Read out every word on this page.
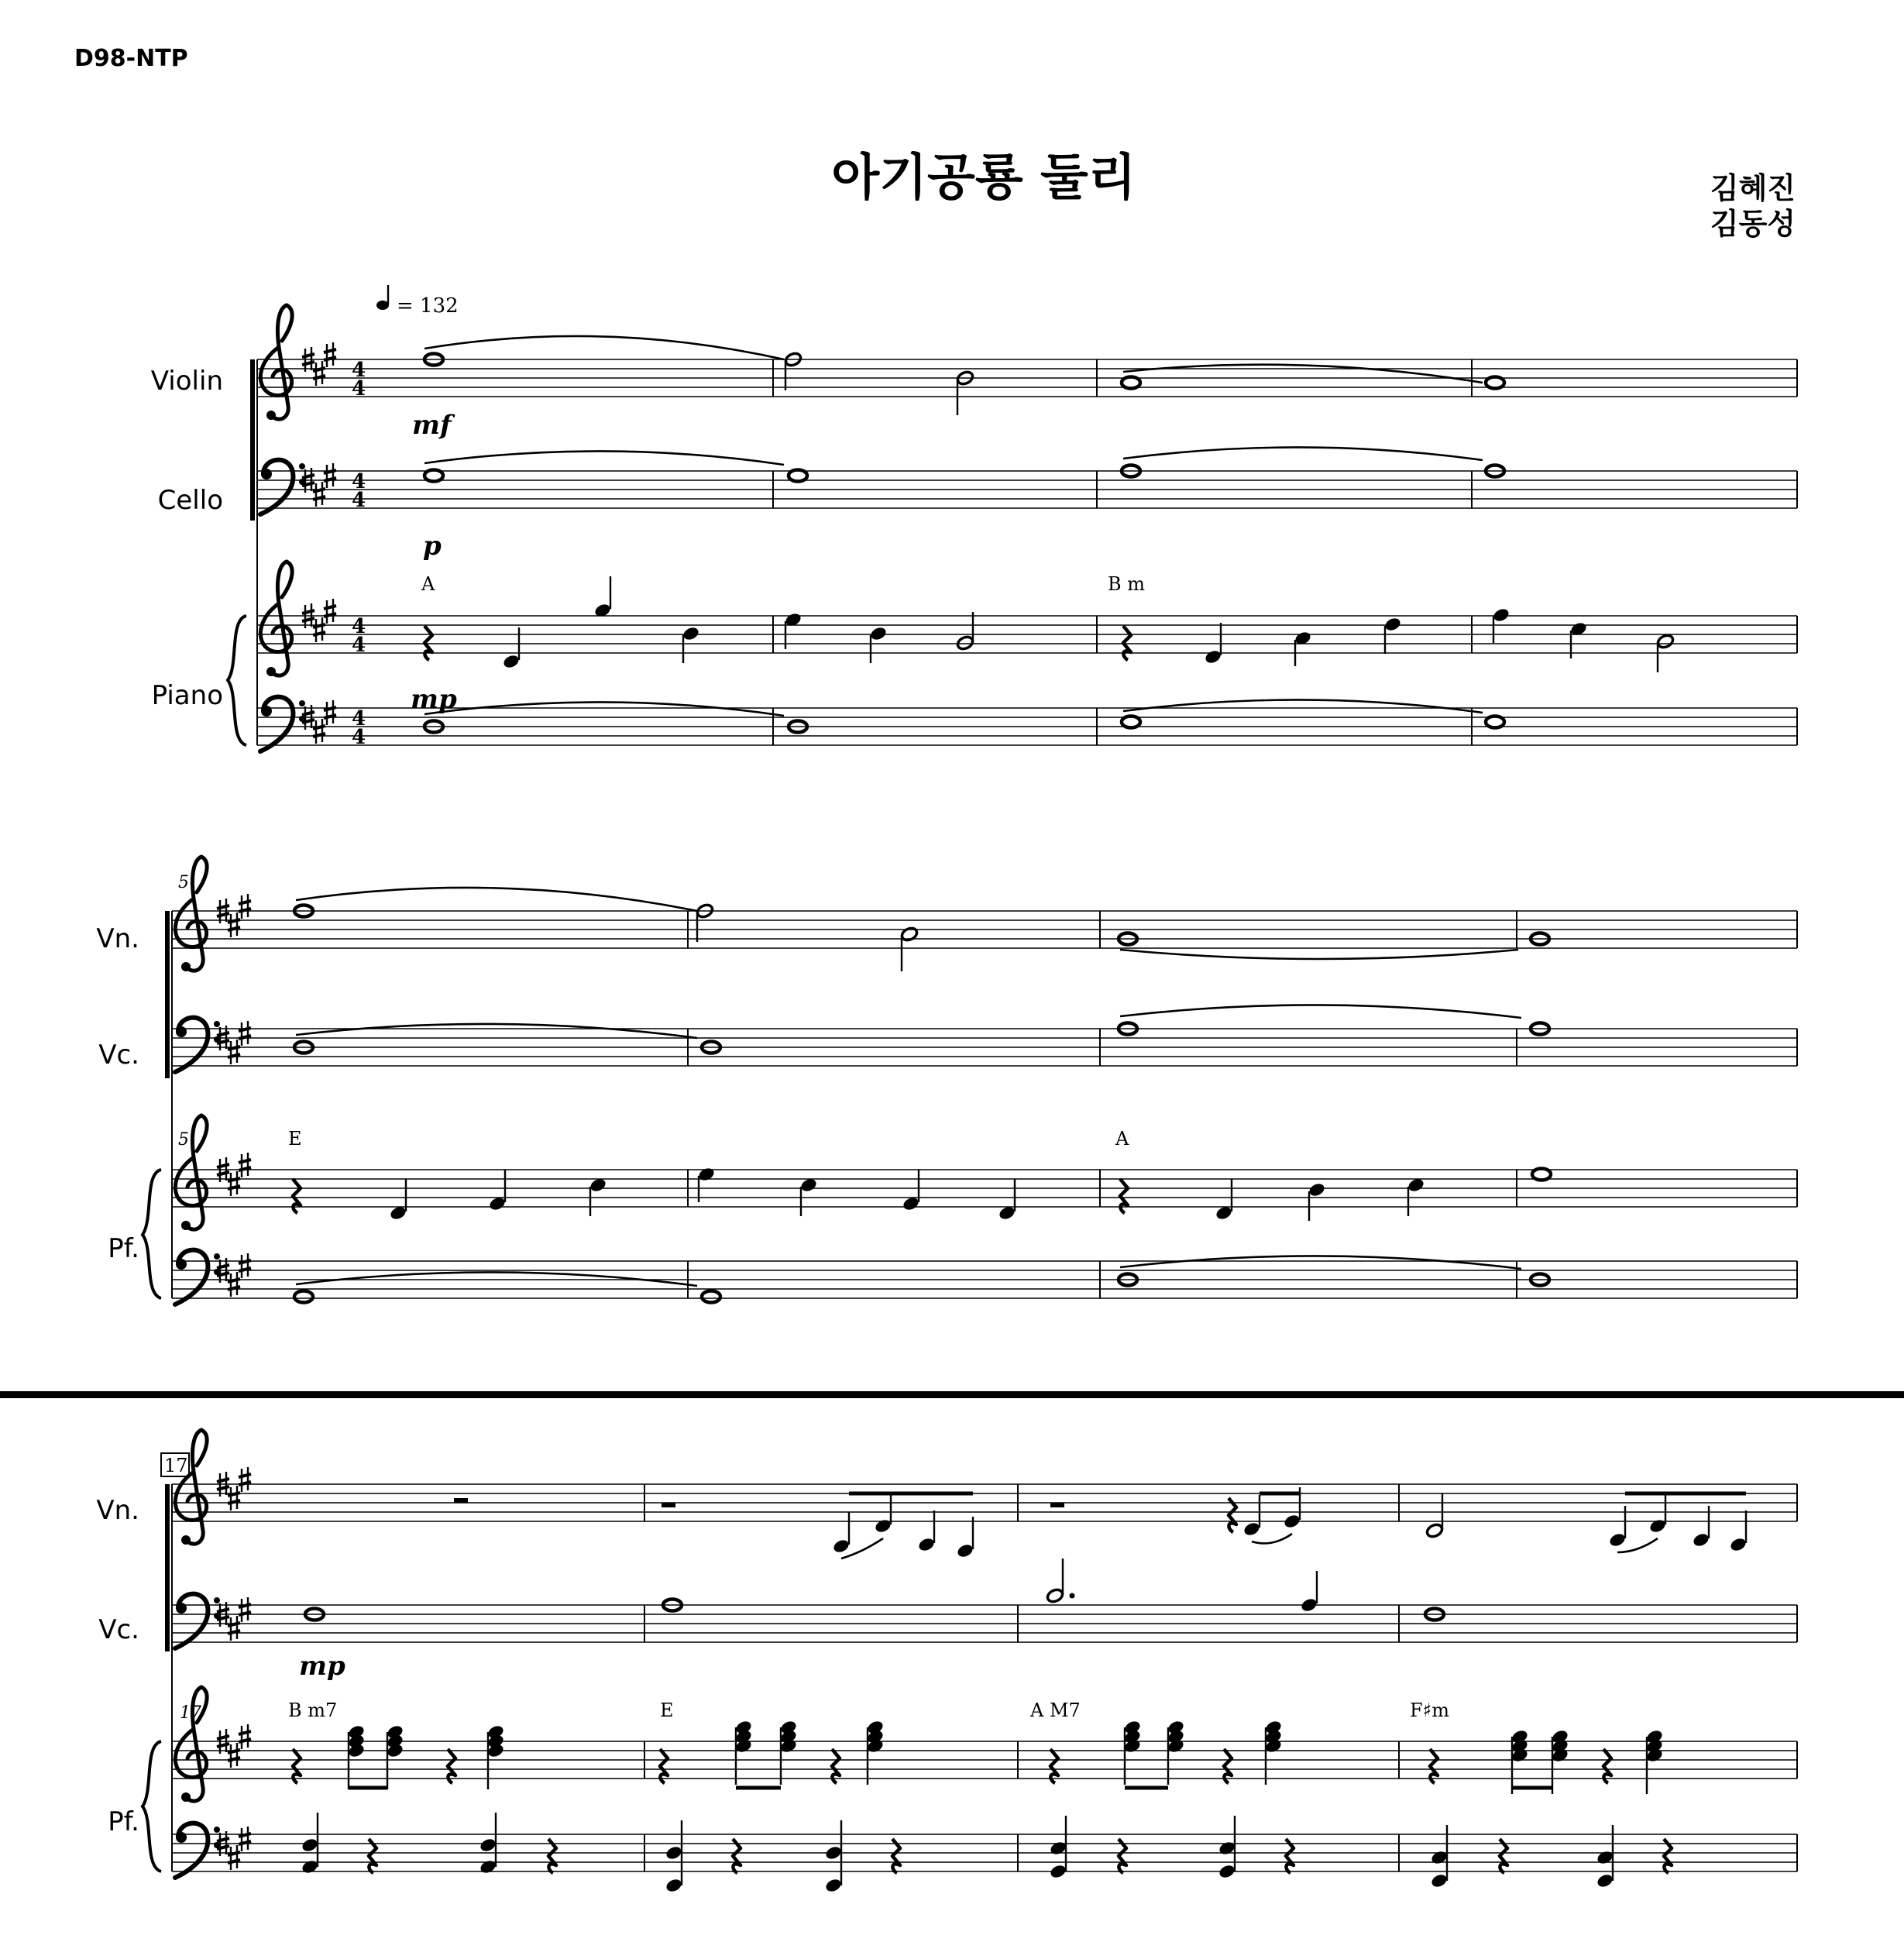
D98-NTP
아기공룡 둘리	김혜진
김동성
Violin
Cello
Piano
Vn.
Vc.
Pf.
Vn.
Vc.
Pf.
4
4
4
4
4
4
4
4
= 132
mf
p
A	B m
mp
5
5	E	A
17
17
mp
B m7	E	A M7	F♯m
